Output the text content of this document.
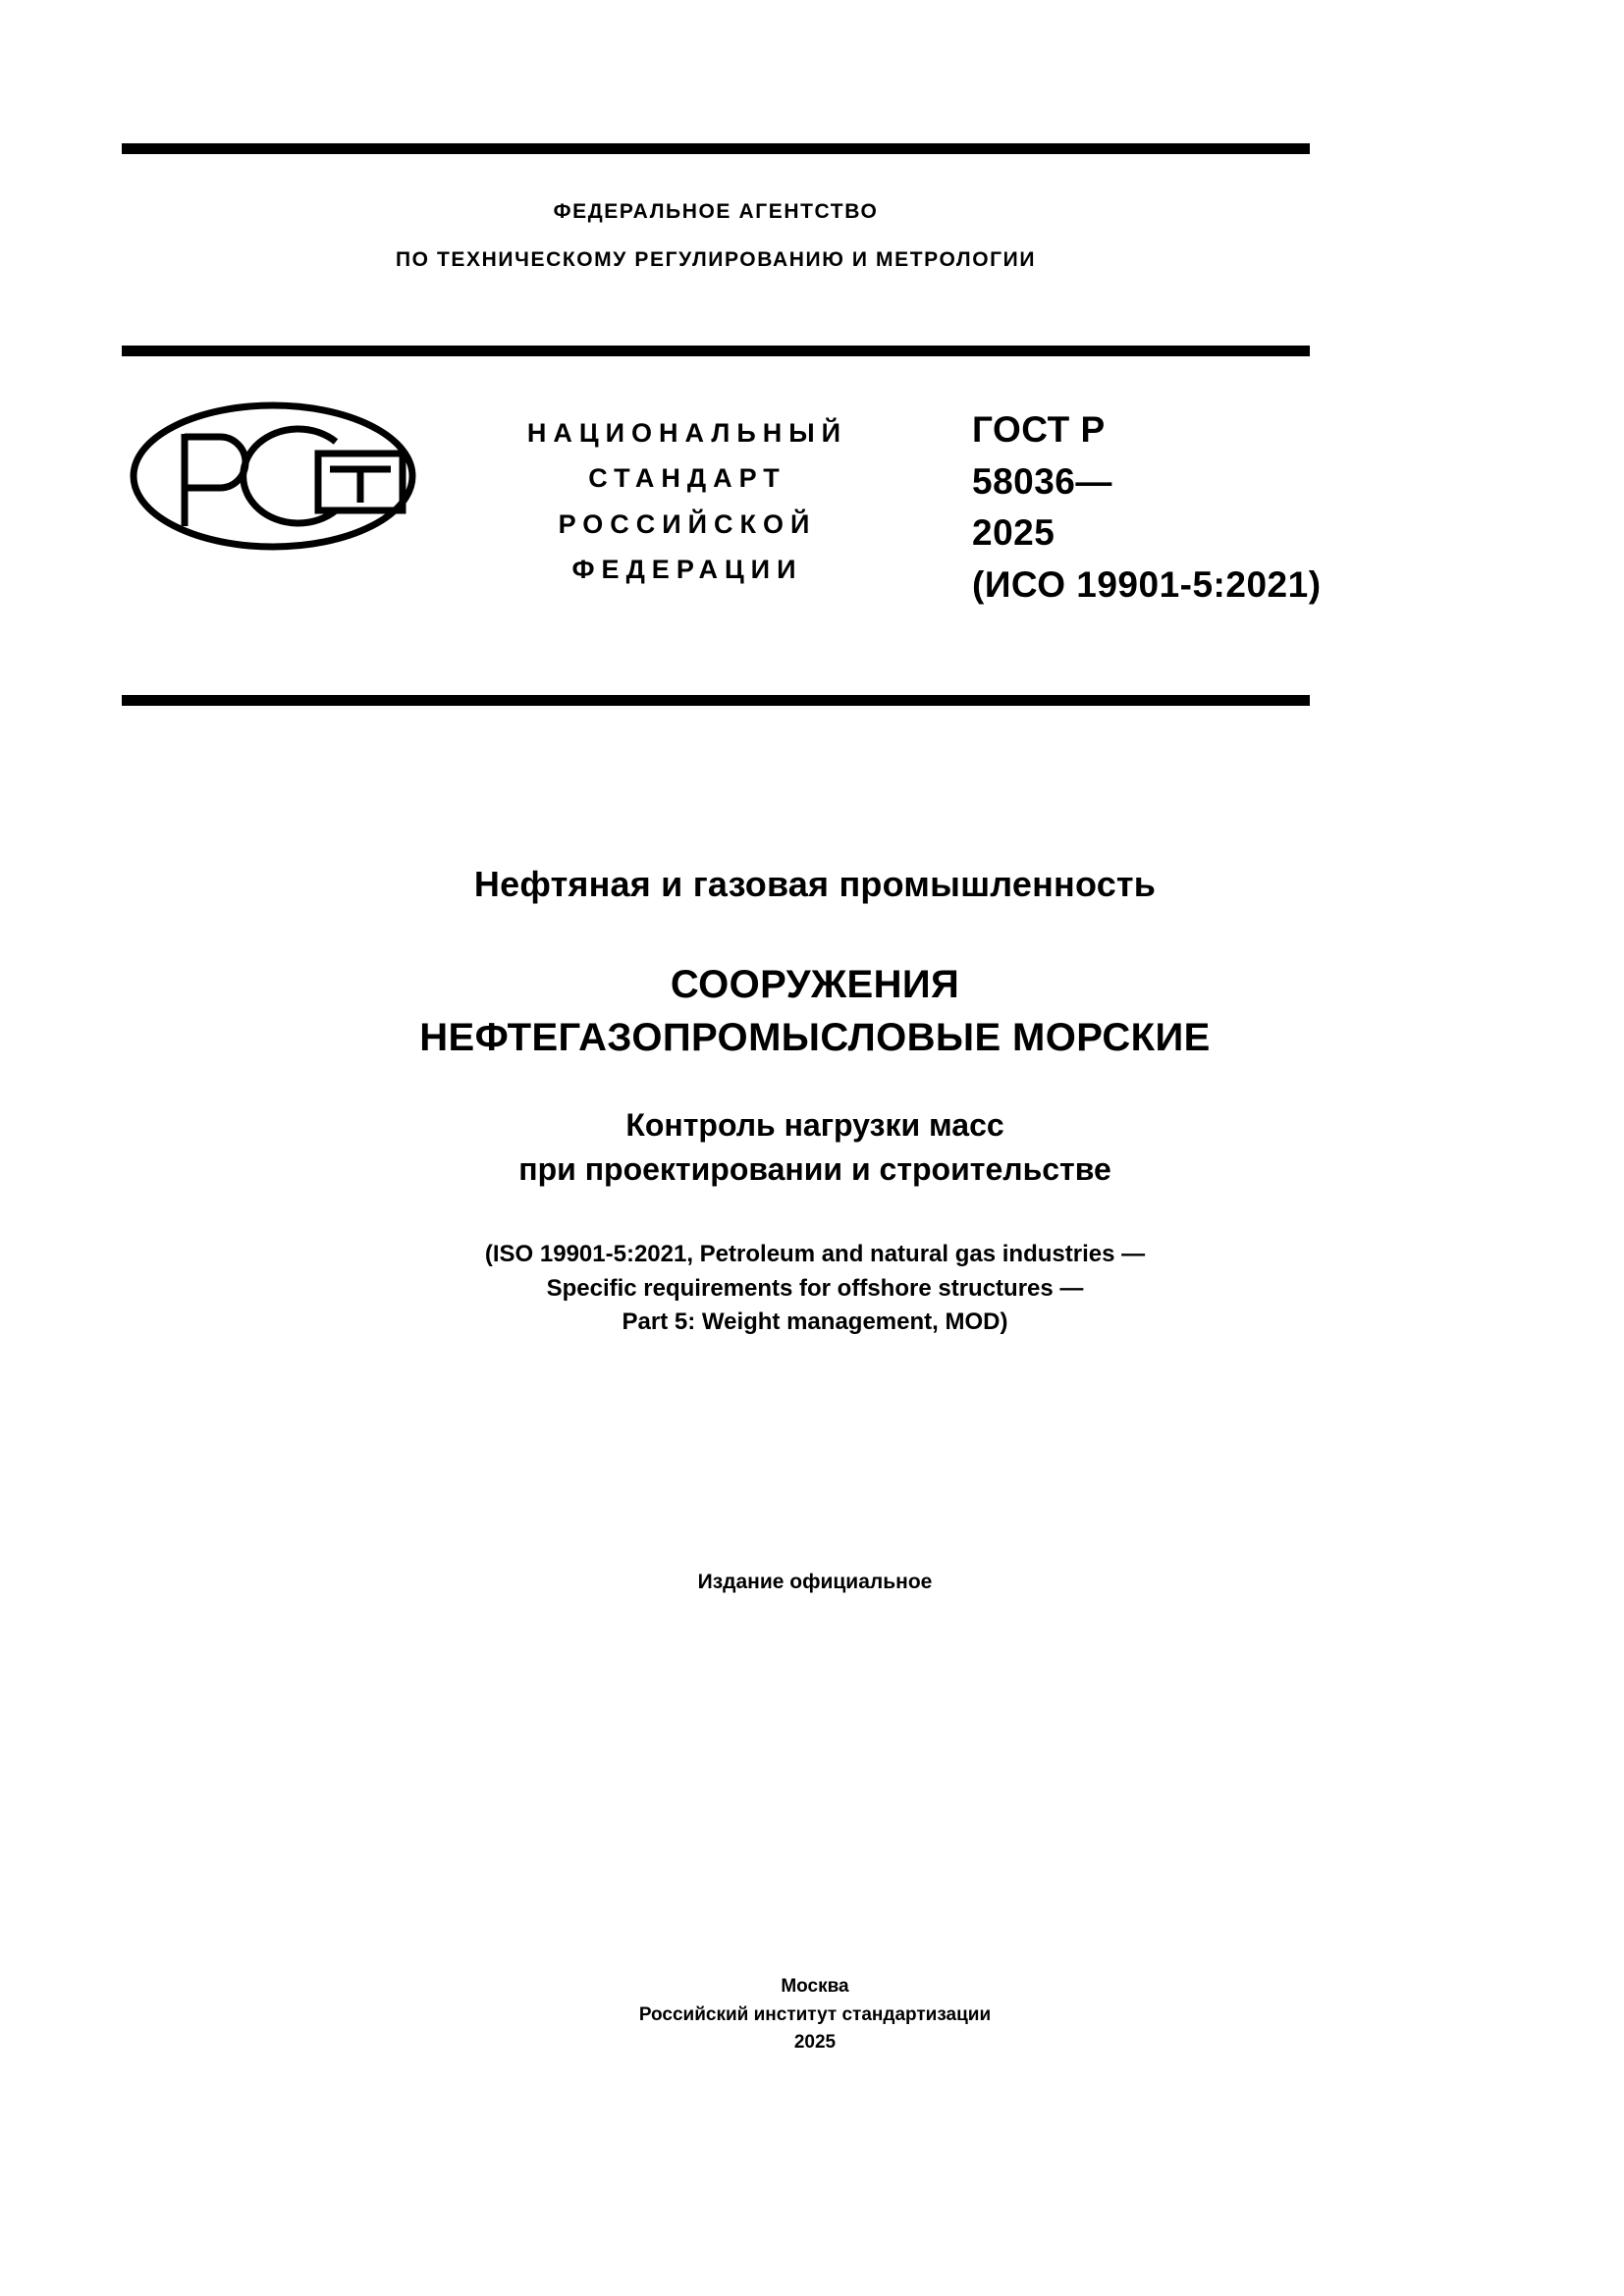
ФЕДЕРАЛЬНОЕ АГЕНТСТВО
ПО ТЕХНИЧЕСКОМУ РЕГУЛИРОВАНИЮ И МЕТРОЛОГИИ
НАЦИОНАЛЬНЫЙ
СТАНДАРТ
РОССИЙСКОЙ
ФЕДЕРАЦИИ
ГОСТ Р
58036—
2025
(ИСО 19901-5:2021)
Нефтяная и газовая промышленность
СООРУЖЕНИЯ
НЕФТЕГАЗОПРОМЫСЛОВЫЕ МОРСКИЕ
Контроль нагрузки масс
при проектировании и строительстве
(ISO 19901-5:2021, Petroleum and natural gas industries —
Specific requirements for offshore structures —
Part 5: Weight management, MOD)
Издание официальное
Москва
Российский институт стандартизации
2025
